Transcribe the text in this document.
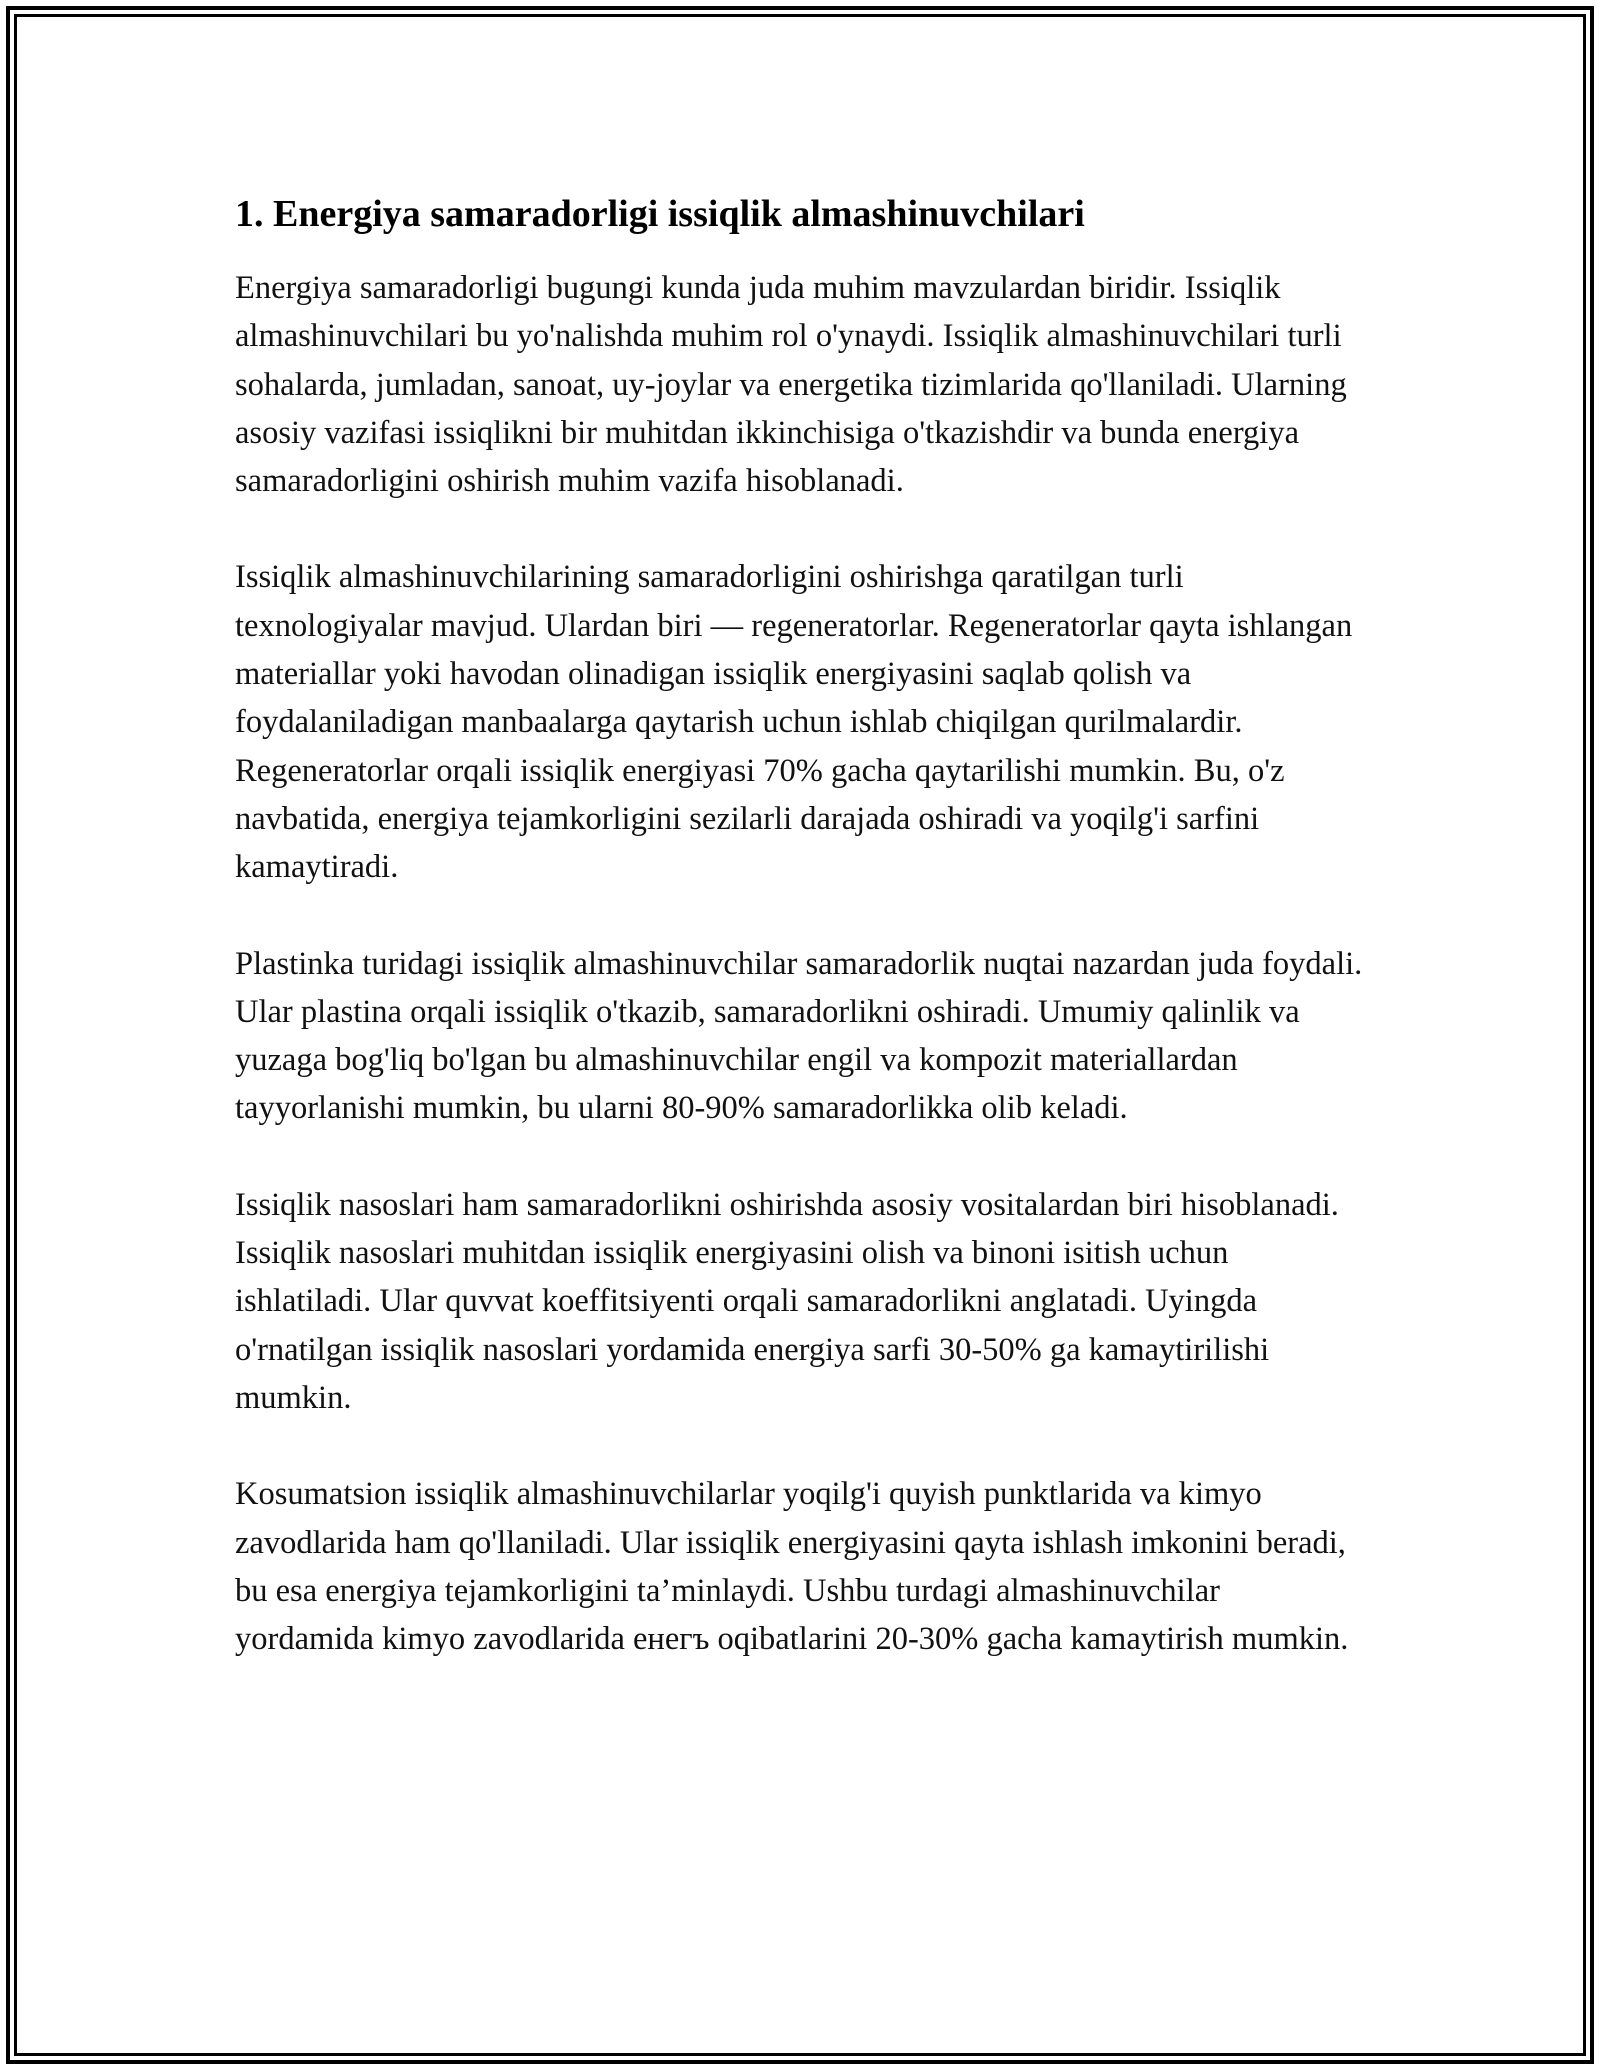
1. Energiya samaradorligi issiqlik almashinuvchilari

Energiya samaradorligi bugungi kunda juda muhim mavzulardan biridir. Issiqlik almashinuvchilari bu yo'nalishda muhim rol o'ynaydi. Issiqlik almashinuvchilari turli sohalarda, jumladan, sanoat, uy-joylar va energetika tizimlarida qo'llaniladi. Ularning asosiy vazifasi issiqlikni bir muhitdan ikkinchisiga o'tkazishdir va bunda energiya samaradorligini oshirish muhim vazifa hisoblanadi.

Issiqlik almashinuvchilarining samaradorligini oshirishga qaratilgan turli texnologiyalar mavjud. Ulardan biri — regeneratorlar. Regeneratorlar qayta ishlangan materiallar yoki havodan olinadigan issiqlik energiyasini saqlab qolish va foydalaniladigan manbaalarga qaytarish uchun ishlab chiqilgan qurilmalardir. Regeneratorlar orqali issiqlik energiyasi 70% gacha qaytarilishi mumkin. Bu, o'z navbatida, energiya tejamkorligini sezilarli darajada oshiradi va yoqilg'i sarfini kamaytiradi.

Plastinka turidagi issiqlik almashinuvchilar samaradorlik nuqtai nazardan juda foydali. Ular plastina orqali issiqlik o'tkazib, samaradorlikni oshiradi. Umumiy qalinlik va yuzaga bog'liq bo'lgan bu almashinuvchilar engil va kompozit materiallardan tayyorlanishi mumkin, bu ularni 80-90% samaradorlikka olib keladi.

Issiqlik nasoslari ham samaradorlikni oshirishda asosiy vositalardan biri hisoblanadi. Issiqlik nasoslari muhitdan issiqlik energiyasini olish va binoni isitish uchun ishlatiladi. Ular quvvat koeffitsiyenti orqali samaradorlikni anglatadi. Uyingda o'rnatilgan issiqlik nasoslari yordamida energiya sarfi 30-50% ga kamaytirilishi mumkin.

Kosumatsion issiqlik almashinuvchilarlar yoqilg'i quyish punktlarida va kimyo zavodlarida ham qo'llaniladi. Ular issiqlik energiyasini qayta ishlash imkonini beradi, bu esa energiya tejamkorligini ta’minlaydi. Ushbu turdagi almashinuvchilar yordamida kimyo zavodlarida енегъ oqibatlarini 20-30% gacha kamaytirish mumkin.
